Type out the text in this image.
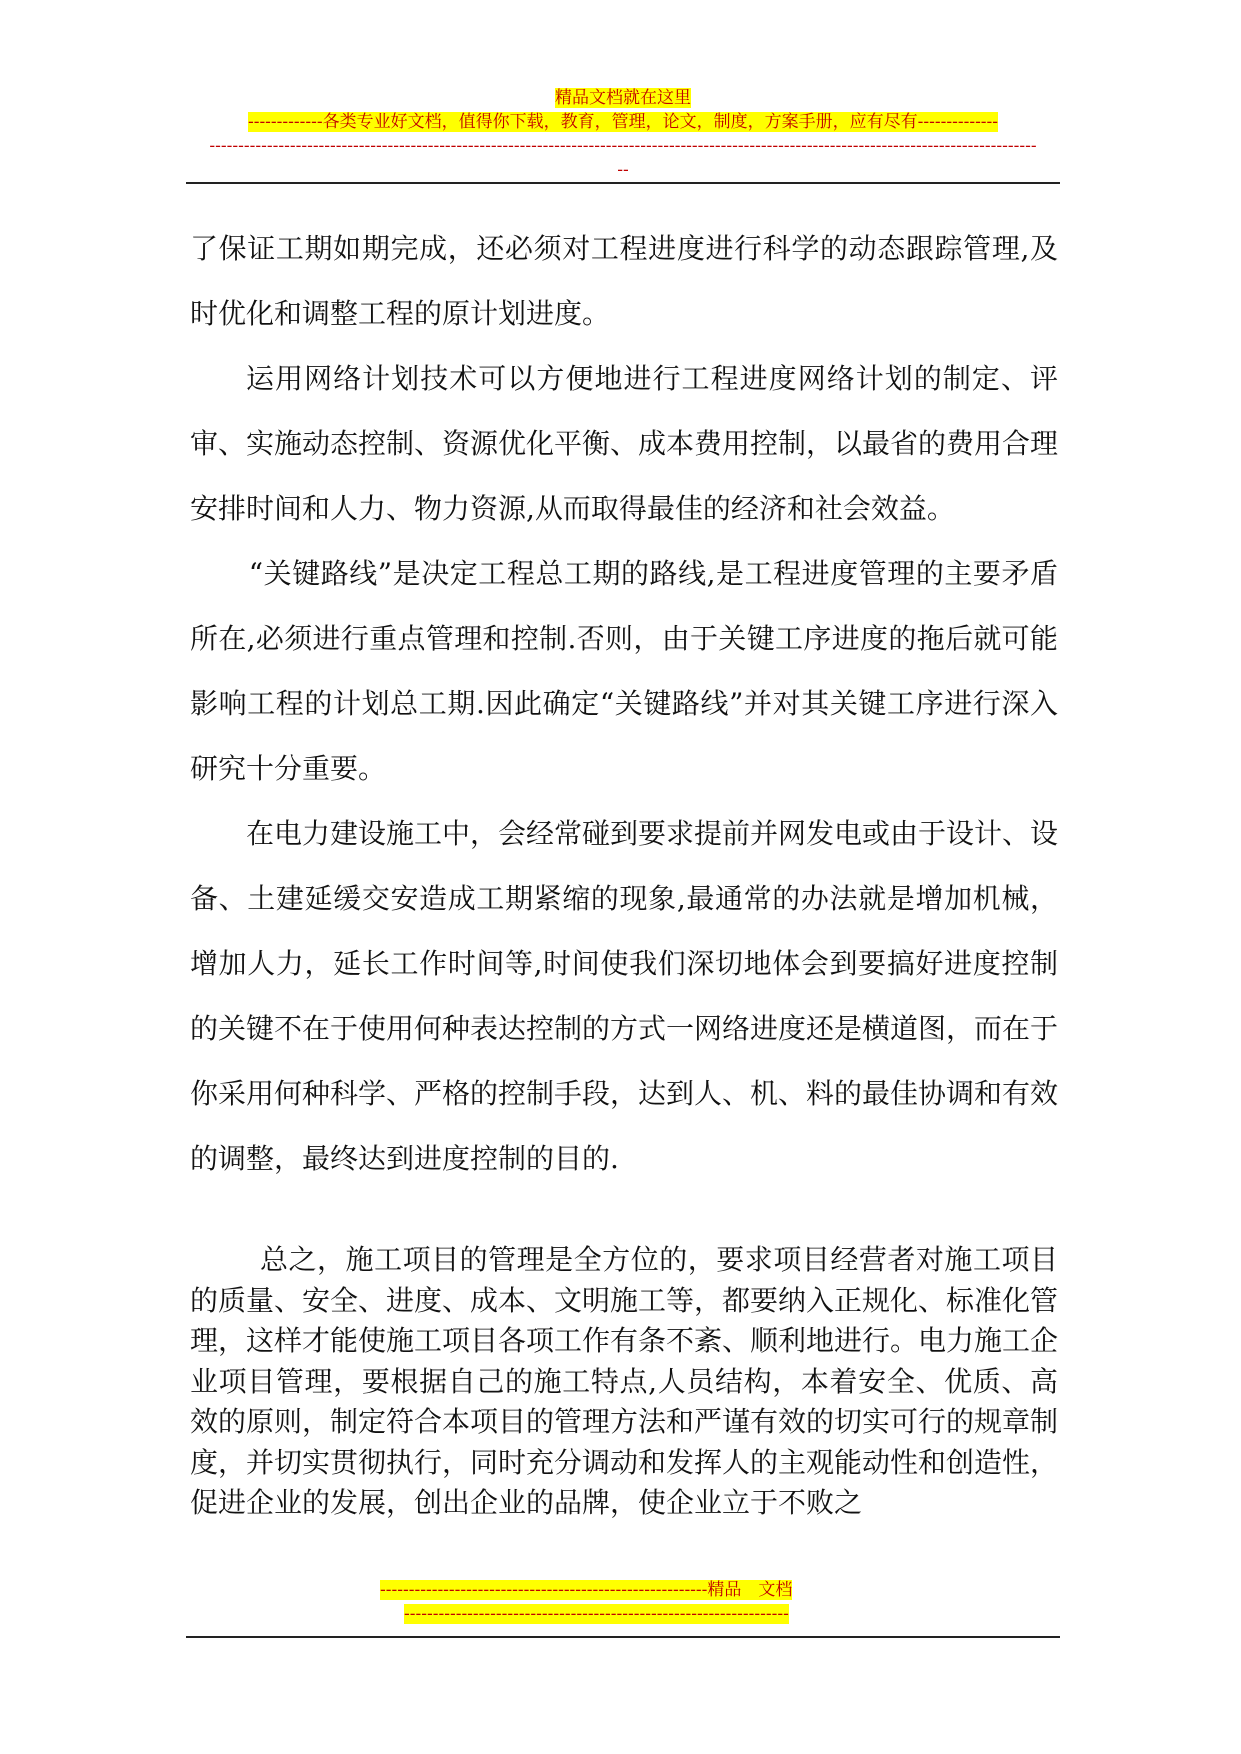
精品文档就在这里
-------------各类专业好文档，值得你下载，教育，管理，论文，制度，方案手册，应有尽有--------------
------------------------------------------------------------------------------------------------------------------------------------------------
--

了保证工期如期完成，还必须对工程进度进行科学的动态跟踪管理,及时优化和调整工程的原计划进度。

运用网络计划技术可以方便地进行工程进度网络计划的制定、评审、实施动态控制、资源优化平衡、成本费用控制，以最省的费用合理安排时间和人力、物力资源,从而取得最佳的经济和社会效益。

“关键路线”是决定工程总工期的路线,是工程进度管理的主要矛盾所在,必须进行重点管理和控制.否则，由于关键工序进度的拖后就可能影响工程的计划总工期.因此确定“关键路线”并对其关键工序进行深入研究十分重要。

在电力建设施工中，会经常碰到要求提前并网发电或由于设计、设备、土建延缓交安造成工期紧缩的现象,最通常的办法就是增加机械，增加人力，延长工作时间等,时间使我们深切地体会到要搞好进度控制的关键不在于使用何种表达控制的方式一网络进度还是横道图，而在于你采用何种科学、严格的控制手段，达到人、机、料的最佳协调和有效的调整，最终达到进度控制的目的.

总之，施工项目的管理是全方位的，要求项目经营者对施工项目的质量、安全、进度、成本、文明施工等，都要纳入正规化、标准化管理，这样才能使施工项目各项工作有条不紊、顺利地进行。电力施工企业项目管理，要根据自己的施工特点,人员结构，本着安全、优质、高效的原则，制定符合本项目的管理方法和严谨有效的切实可行的规章制度，并切实贯彻执行，同时充分调动和发挥人的主观能动性和创造性，促进企业的发展，创出企业的品牌，使企业立于不败之

---------------------------------------------------------精品　文档
-------------------------------------------------------------------
